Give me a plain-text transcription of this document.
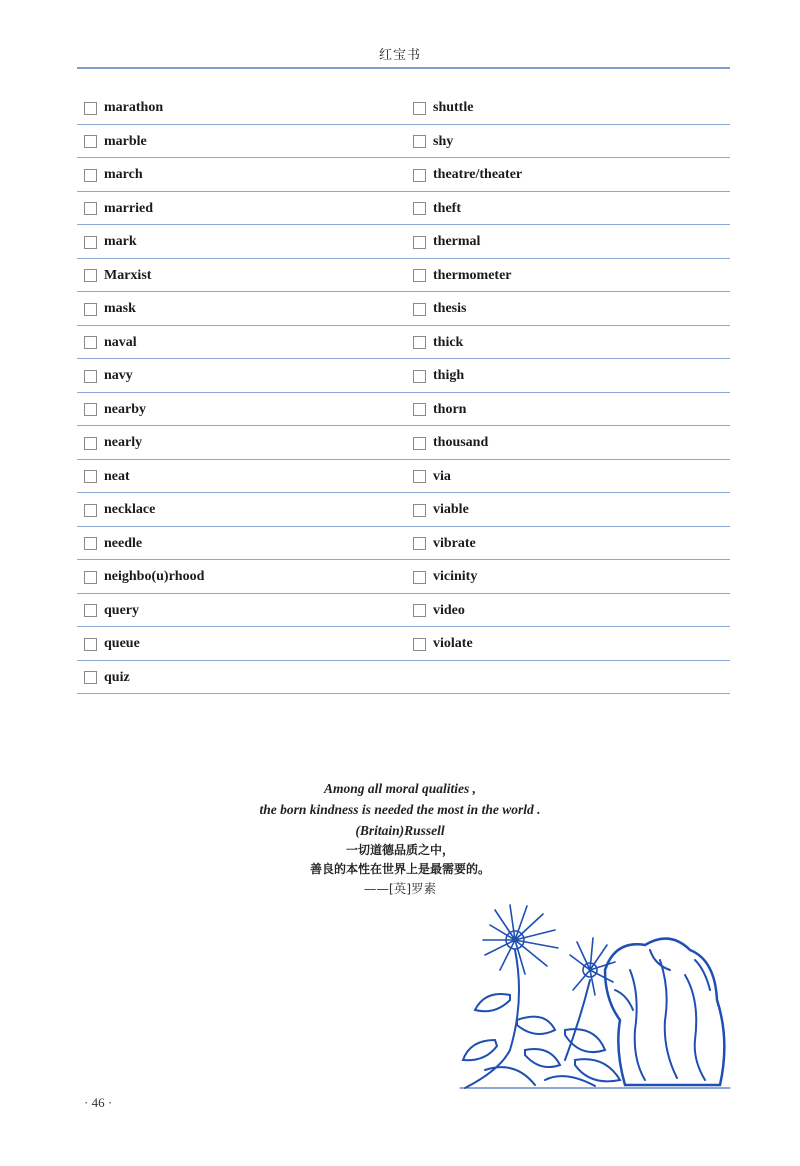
红宝书
marathon	shuttle
marble	shy
march	theatre/theater
married	theft
mark	thermal
Marxist	thermometer
mask	thesis
naval	thick
navy	thigh
nearby	thorn
nearly	thousand
neat	via
necklace	viable
needle	vibrate
neighbo(u)rhood	vicinity
query	video
queue	violate
quiz
Among all moral qualities ,
the born kindness is needed the most in the world .
(Britain)Russell
一切道德品质之中，
善良的本性在世界上是最需要的。
——[英]罗素
· 46 ·
